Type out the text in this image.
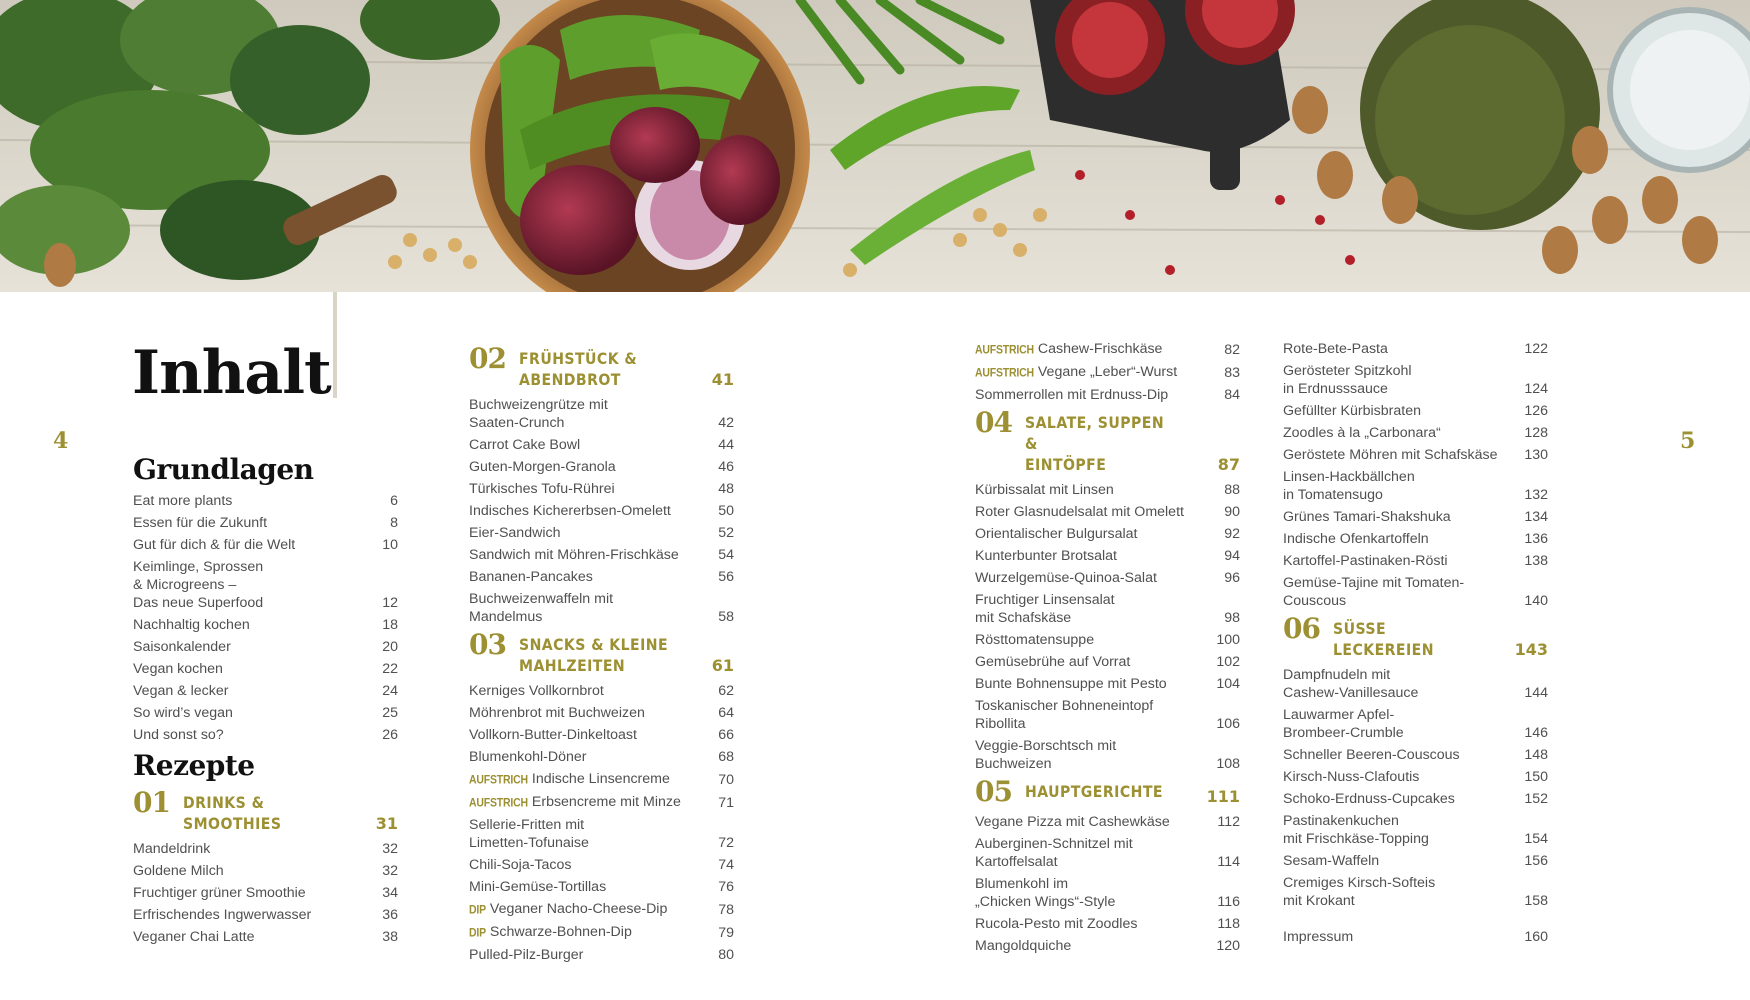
Inhalt
4	5
Grundlagen
Eat more plants	6
Essen für die Zukunft	8
Gut für dich & für die Welt	10
Keimlinge, Sprossen
& Microgreens –
Das neue Superfood	12
Nachhaltig kochen	18
Saisonkalender	20
Vegan kochen	22
Vegan & lecker	24
So wird’s vegan	25
Und sonst so?	26
Rezepte
01 DRINKS & SMOOTHIES	31
Mandeldrink	32
Goldene Milch	32
Fruchtiger grüner Smoothie	34
Erfrischendes Ingwerwasser	36
Veganer Chai Latte	38
02 FRÜHSTÜCK & ABENDBROT	41
Buchweizengrütze mit
Saaten-Crunch	42
Carrot Cake Bowl	44
Guten-Morgen-Granola	46
Türkisches Tofu-Rührei	48
Indisches Kichererbsen-Omelett	50
Eier-Sandwich	52
Sandwich mit Möhren-Frischkäse	54
Bananen-Pancakes	56
Buchweizenwaffeln mit
Mandelmus	58
03 SNACKS & KLEINE
MAHLZEITEN	61
Kerniges Vollkornbrot	62
Möhrenbrot mit Buchweizen	64
Vollkorn-Butter-Dinkeltoast	66
Blumenkohl-Döner	68
AUFSTRICH Indische Linsencreme	70
AUFSTRICH Erbsencreme mit Minze	71
Sellerie-Fritten mit
Limetten-Tofunaise	72
Chili-Soja-Tacos	74
Mini-Gemüse-Tortillas	76
DIP Veganer Nacho-Cheese-Dip	78
DIP Schwarze-Bohnen-Dip	79
Pulled-Pilz-Burger	80
AUFSTRICH Cashew-Frischkäse	82
AUFSTRICH Vegane „Leber“-Wurst	83
Sommerrollen mit Erdnuss-Dip	84
04 SALATE, SUPPEN &
EINTÖPFE	87
Kürbissalat mit Linsen	88
Roter Glasnudelsalat mit Omelett	90
Orientalischer Bulgursalat	92
Kunterbunter Brotsalat	94
Wurzelgemüse-Quinoa-Salat	96
Fruchtiger Linsensalat
mit Schafskäse	98
Rösttomatensuppe	100
Gemüsebrühe auf Vorrat	102
Bunte Bohnensuppe mit Pesto	104
Toskanischer Bohneneintopf
Ribollita	106
Veggie-Borschtsch mit
Buchweizen	108
05 HAUPTGERICHTE	111
Vegane Pizza mit Cashewkäse	112
Auberginen-Schnitzel mit
Kartoffelsalat	114
Blumenkohl im
„Chicken Wings“-Style	116
Rucola-Pesto mit Zoodles	118
Mangoldquiche	120
Rote-Bete-Pasta	122
Gerösteter Spitzkohl
in Erdnusssauce	124
Gefüllter Kürbisbraten	126
Zoodles à la „Carbonara“	128
Geröstete Möhren mit Schafskäse	130
Linsen-Hackbällchen
in Tomatensugo	132
Grünes Tamari-Shakshuka	134
Indische Ofenkartoffeln	136
Kartoffel-Pastinaken-Rösti	138
Gemüse-Tajine mit Tomaten-
Couscous	140
06 SÜSSE LECKEREIEN	143
Dampfnudeln mit
Cashew-Vanillesauce	144
Lauwarmer Apfel-
Brombeer-Crumble	146
Schneller Beeren-Couscous	148
Kirsch-Nuss-Clafoutis	150
Schoko-Erdnuss-Cupcakes	152
Pastinakenkuchen
mit Frischkäse-Topping	154
Sesam-Waffeln	156
Cremiges Kirsch-Softeis
mit Krokant	158
Impressum	160
